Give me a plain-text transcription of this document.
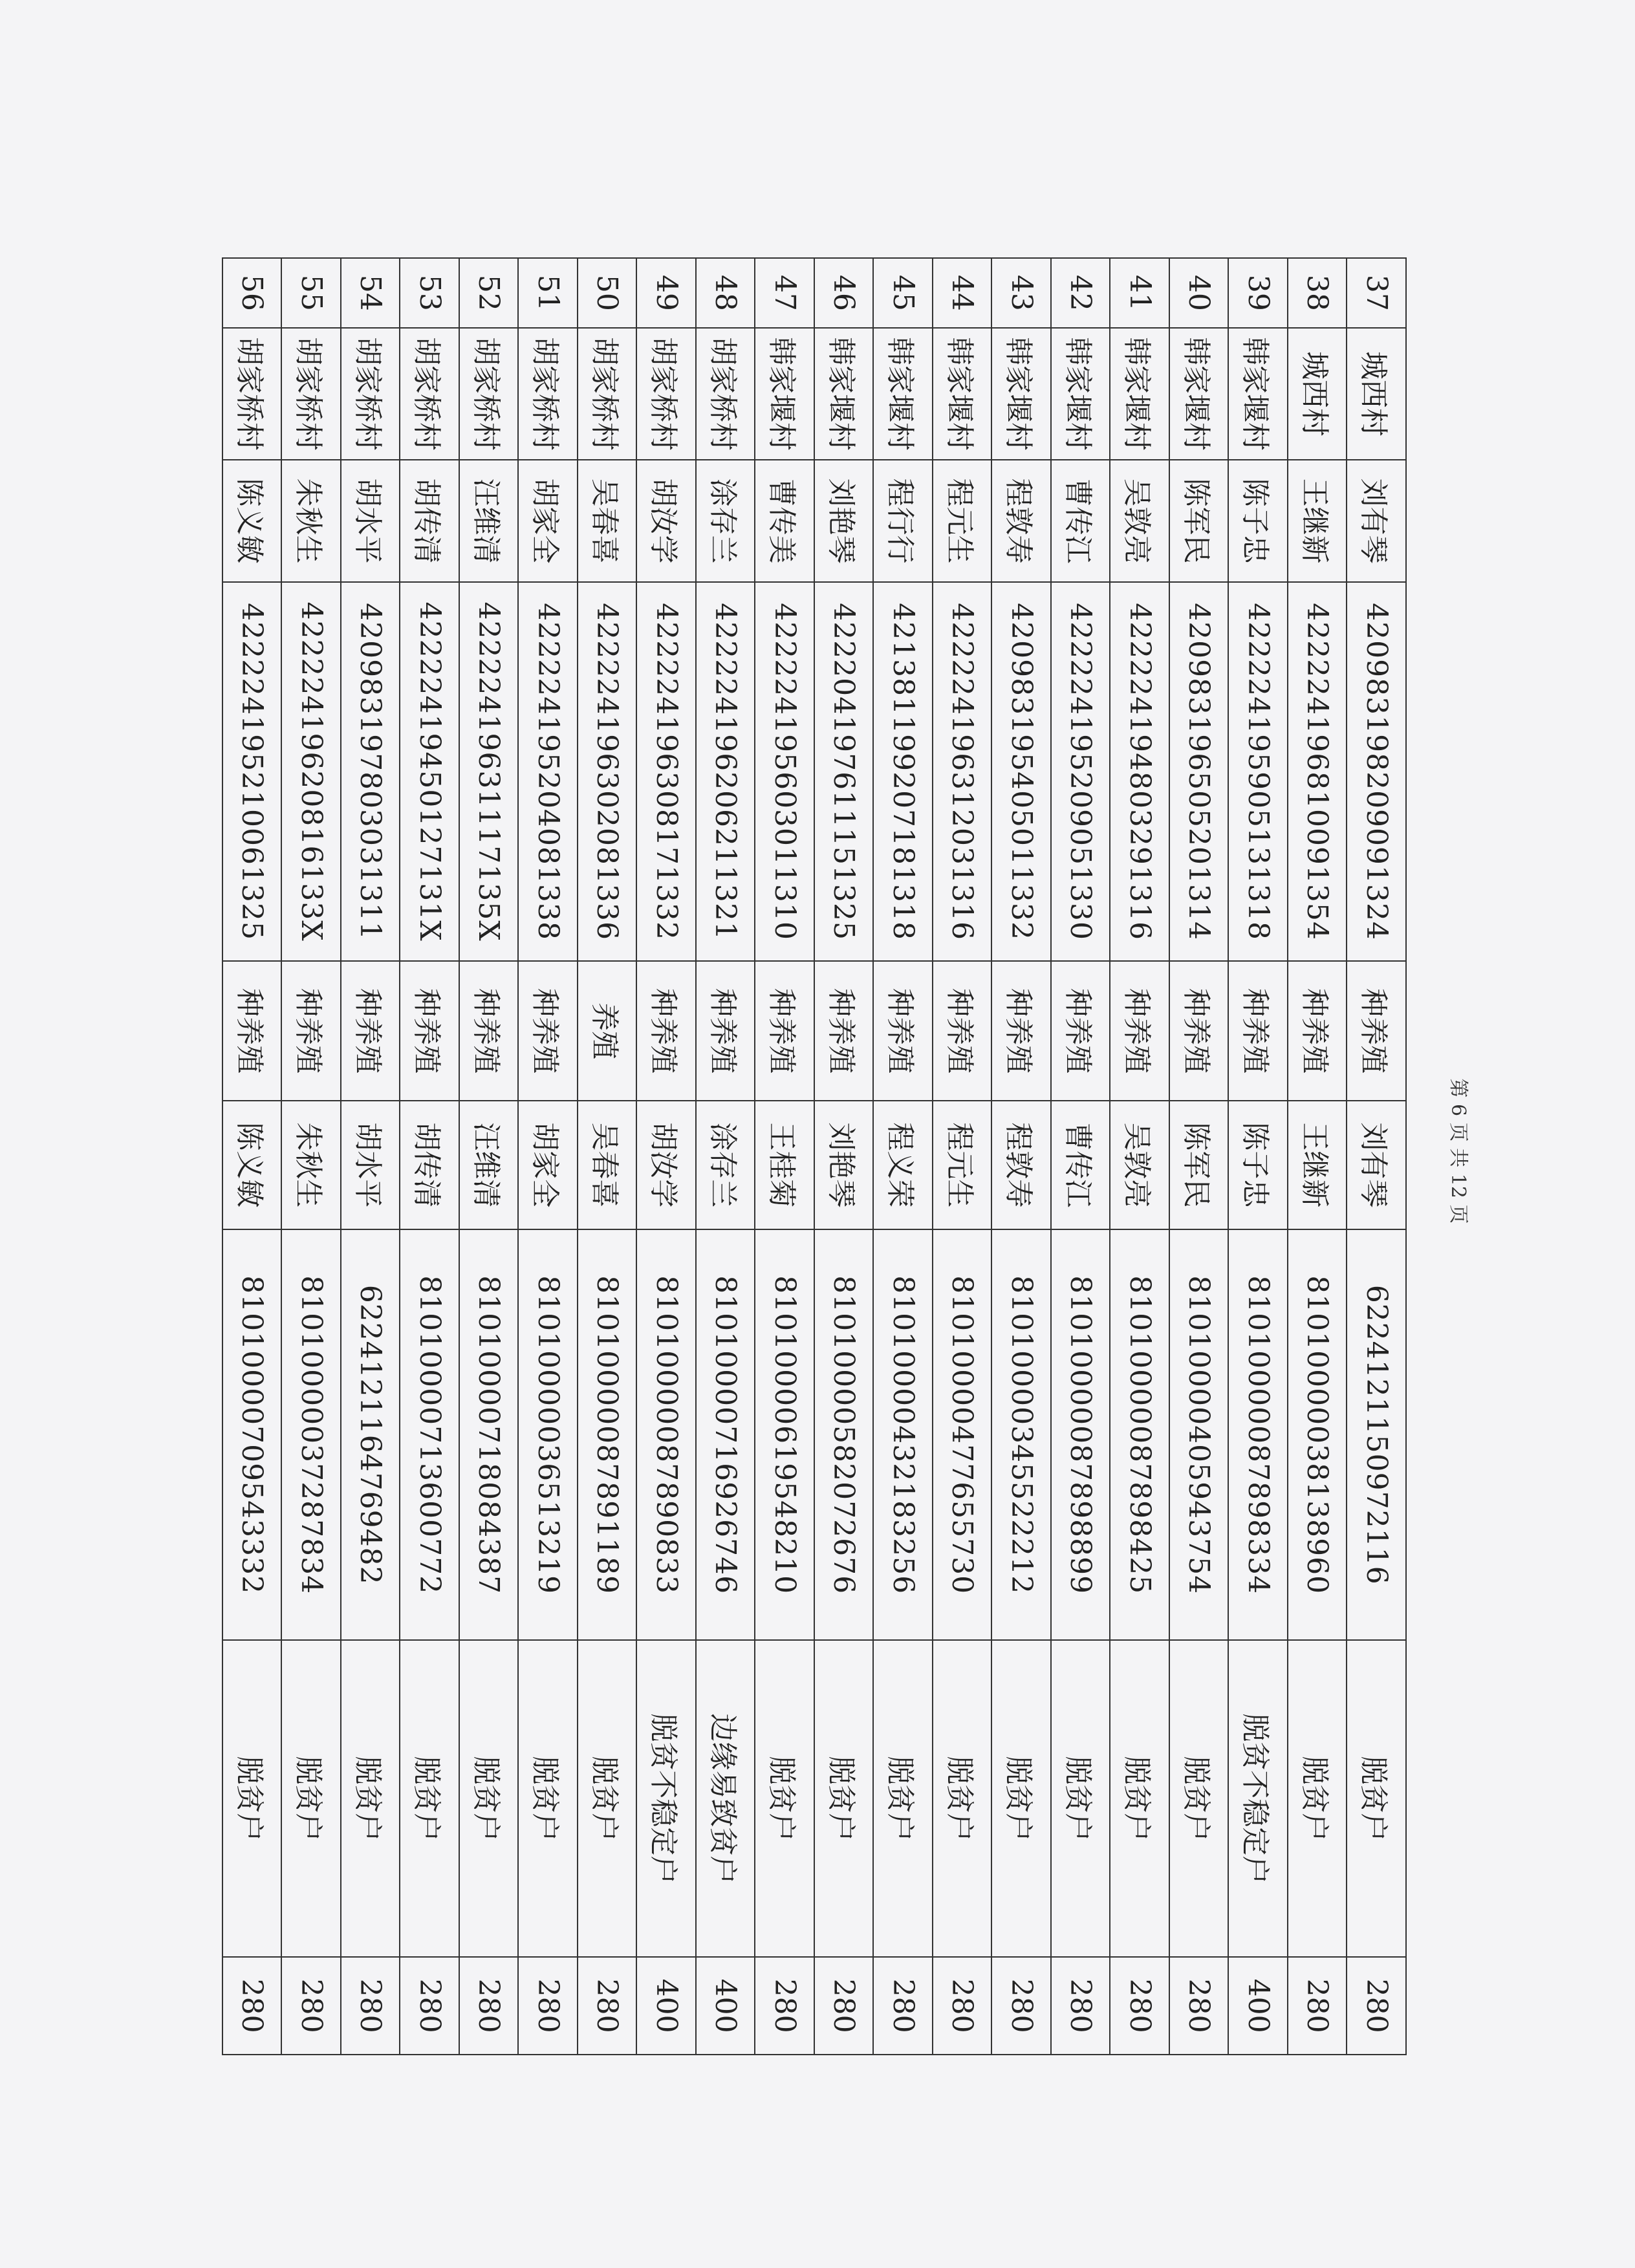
37	城西村	刘有琴	420983198209091324	种养殖	刘有琴	6224121150972116	脱贫户	280
38	城西村	王继新	422224196810091354	种养殖	王继新	81010000038138960	脱贫户	280
39	韩家堰村	陈子忠	422224195905131318	种养殖	陈子忠	81010000087898334	脱贫不稳定户	400
40	韩家堰村	陈军民	420983196505201314	种养殖	陈军民	81010000405943754	脱贫户	280
41	韩家堰村	吴敦亮	422224194803291316	种养殖	吴敦亮	81010000087898425	脱贫户	280
42	韩家堰村	曹传江	422224195209051330	种养殖	曹传江	81010000087898899	脱贫户	280
43	韩家堰村	程敦寿	420983195405011332	种养殖	程敦寿	81010000345522212	脱贫户	280
44	韩家堰村	程元生	422224196312031316	种养殖	程元生	81010000477655730	脱贫户	280
45	韩家堰村	程行行	421381199207181318	种养殖	程义荣	81010000432183256	脱贫户	280
46	韩家堰村	刘艳琴	422204197611151325	种养殖	刘艳琴	81010000582072676	脱贫户	280
47	韩家堰村	曹传美	422224195603011310	种养殖	王桂菊	81010000619548210	脱贫户	280
48	胡家桥村	涂存兰	422224196206211321	种养殖	涂存兰	81010000716926746	边缘易致贫户	400
49	胡家桥村	胡汝学	422224196308171332	种养殖	胡汝学	81010000087890833	脱贫不稳定户	400
50	胡家桥村	吴春喜	422224196302081336	养殖	吴春喜	81010000087891189	脱贫户	280
51	胡家桥村	胡家全	422224195204081338	种养殖	胡家全	81010000036513219	脱贫户	280
52	胡家桥村	汪维清	42222419631117135X	种养殖	汪维清	81010000718084387	脱贫户	280
53	胡家桥村	胡传清	42222419450127131X	种养殖	胡传清	81010000713600772	脱贫户	280
54	胡家桥村	胡水平	420983197803031311	种养殖	胡水平	6224121164769482	脱贫户	280
55	胡家桥村	朱秋生	42222419620816133X	种养殖	朱秋生	81010000037287834	脱贫户	280
56	胡家桥村	陈义敏	422224195210061325	种养殖	陈义敏	81010000709543332	脱贫户	280
第 6 页 共 12 页
